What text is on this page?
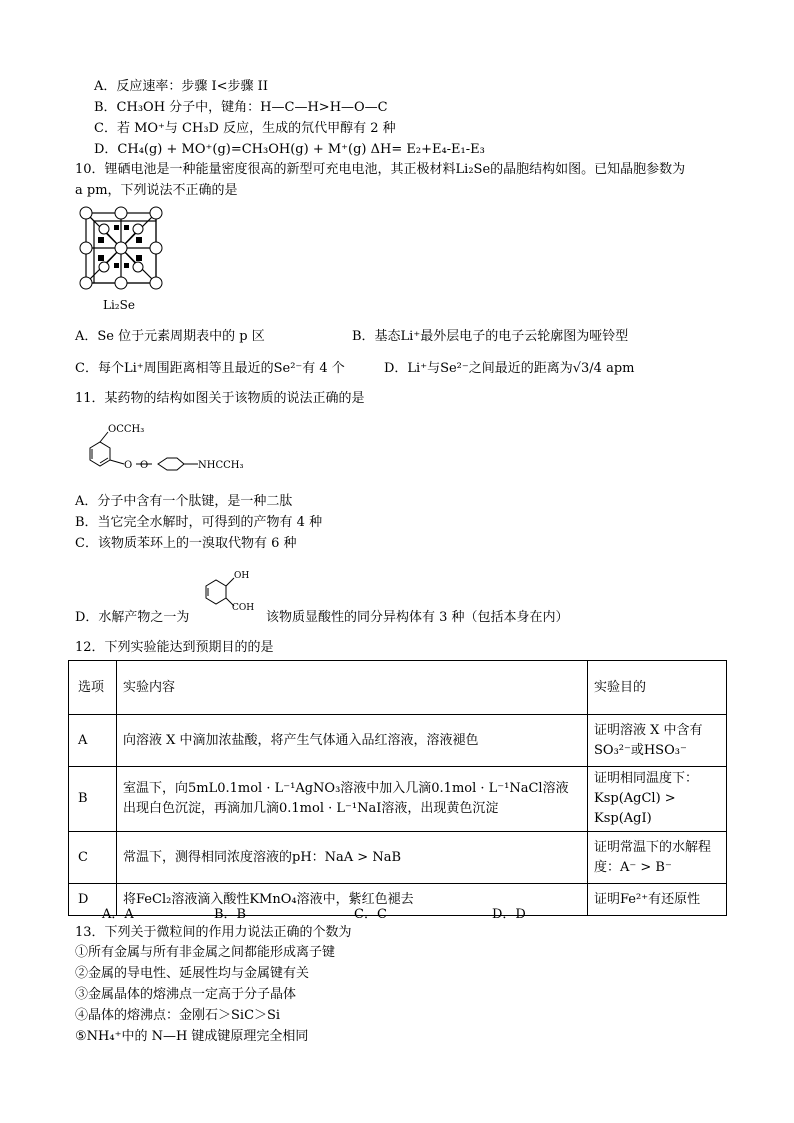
A．反应速率：步骤 I<步骤 II
B．CH₃OH 分子中，键角：H—C—H>H—O—C
C．若 MO⁺与 CH₃D 反应，生成的氘代甲醇有 2 种
D．CH₄(g) + MO⁺(g)=CH₃OH(g) + M⁺(g) ΔH= E₂+E₄-E₁-E₃
10．锂硒电池是一种能量密度很高的新型可充电电池，其正极材料Li₂Se的晶胞结构如图。已知晶胞参数为
a pm，下列说法不正确的是
Li₂Se
A．Se 位于元素周期表中的 p 区	B．基态Li⁺最外层电子的电子云轮廓图为哑铃型
C．每个Li⁺周围距离相等且最近的Se²⁻有 4 个	D．Li⁺与Se²⁻之间最近的距离为√3/4 apm
11．某药物的结构如图关于该物质的说法正确的是
OCCH₃
O O	NHCCH₃
A．分子中含有一个肽键，是一种二肽
B．当它完全水解时，可得到的产物有 4 种
C．该物质苯环上的一溴取代物有 6 种
OH
COH
D．水解产物之一为	该物质显酸性的同分异构体有 3 种（包括本身在内）
12．下列实验能达到预期目的的是
选项	实验内容	实验目的
A	向溶液 X 中滴加浓盐酸，将产生气体通入品红溶液，溶液褪色	证明溶液 X 中含有 SO₃²⁻或HSO₃⁻
B	室温下，向5mL0.1mol · L⁻¹AgNO₃溶液中加入几滴0.1mol · L⁻¹NaCl溶液出现白色沉淀，再滴加几滴0.1mol · L⁻¹NaI溶液，出现黄色沉淀	证明相同温度下：Ksp(AgCl) > Ksp(AgI)
C	常温下，测得相同浓度溶液的pH：NaA > NaB	证明常温下的水解程度：A⁻ > B⁻
D	将FeCl₂溶液滴入酸性KMnO₄溶液中，紫红色褪去	证明Fe²⁺有还原性
A．A	B．B	C．C	D．D
13．下列关于微粒间的作用力说法正确的个数为
①所有金属与所有非金属之间都能形成离子键
②金属的导电性、延展性均与金属键有关
③金属晶体的熔沸点一定高于分子晶体
④晶体的熔沸点：金刚石＞SiC＞Si
⑤NH₄⁺中的 N—H 键成键原理完全相同
